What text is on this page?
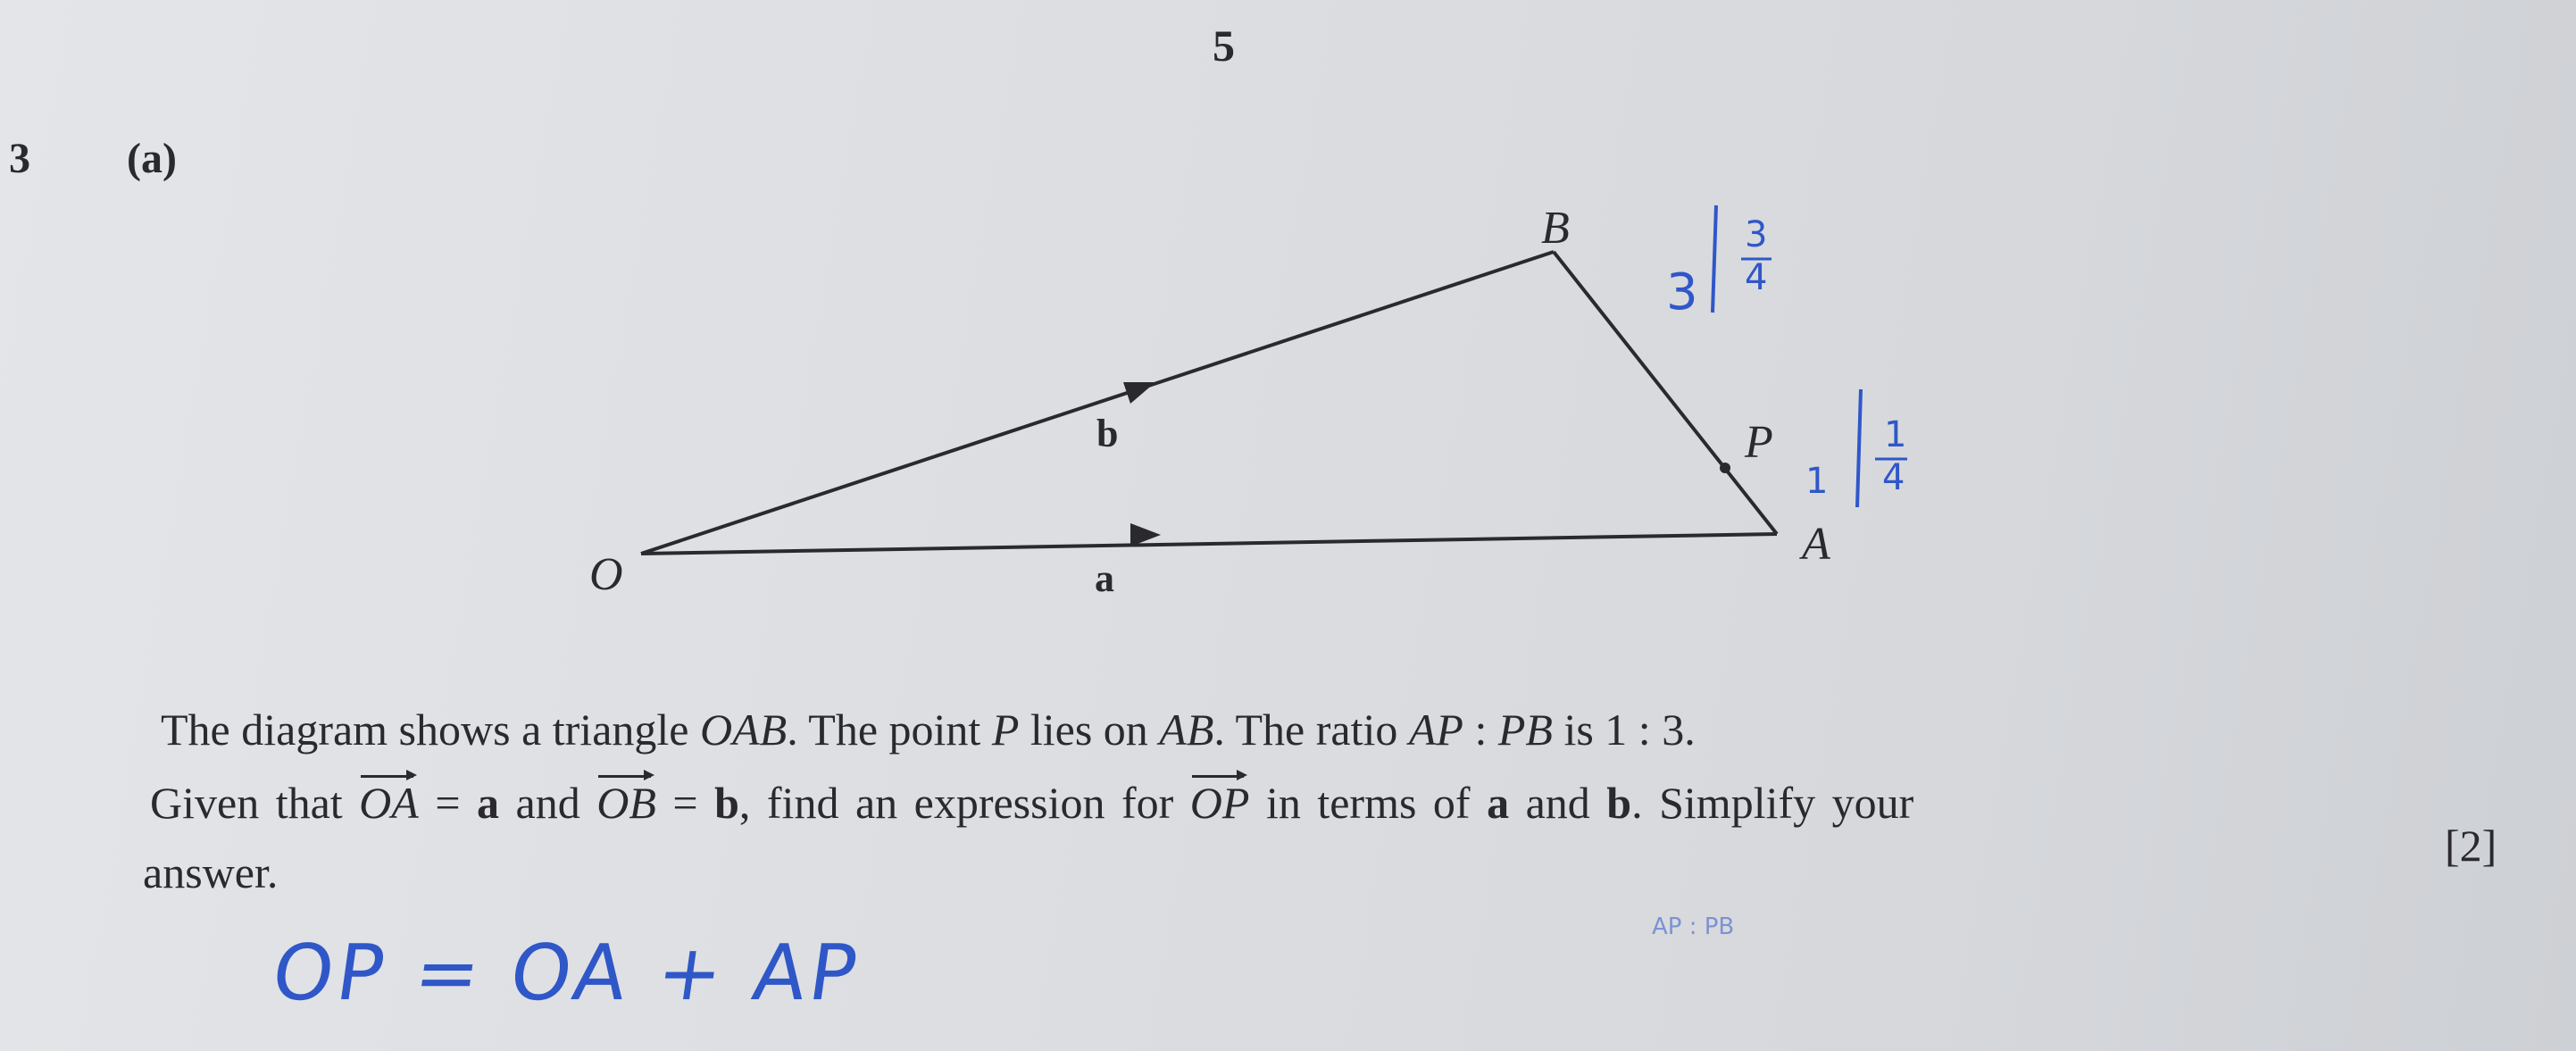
5
3 (a)
O
A
B
P
a
b
3
3
4
1
1
4
AP : PB
The diagram shows a triangle OAB. The point P lies on AB. The ratio AP : PB is 1 : 3.
Given that OA = a and OB = b, find an expression for OP in terms of a and b. Simplify your
answer.
[2]
OP = OA + AP
